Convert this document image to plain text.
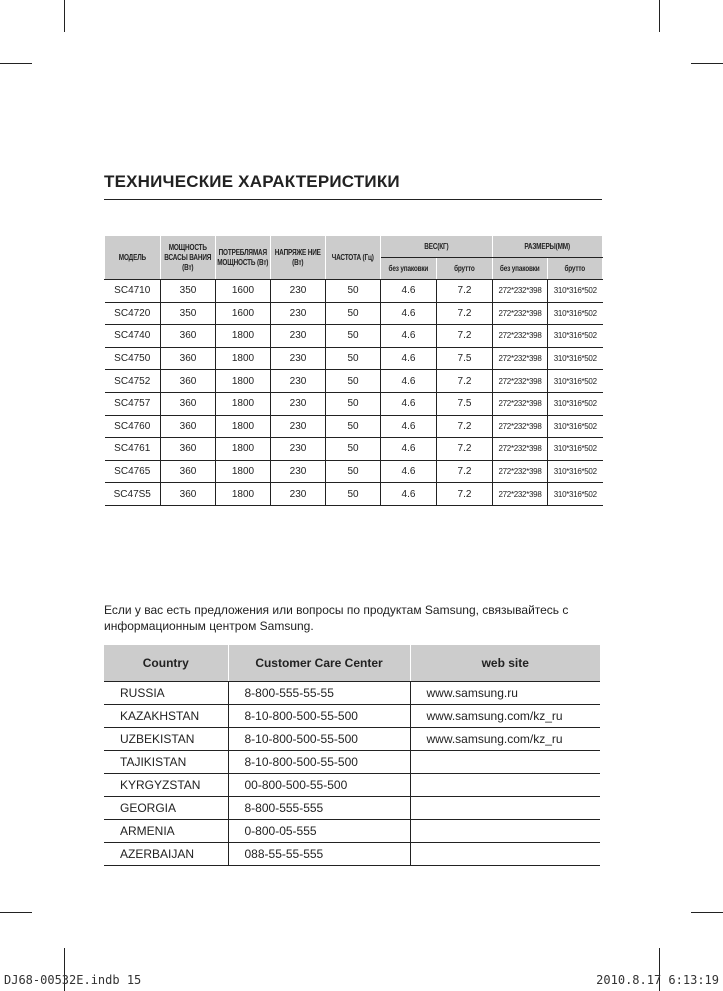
ТЕХНИЧЕСКИЕ ХАРАКТЕРИСТИКИ
МОДЕЛЬ	МОЩНОСТЬ ВСАСЫ ВАНИЯ (Вт)	ПОТРЕБЛЯМАЯ МОЩНОСТЬ (Вт)	НАПРЯЖЕ НИЕ (Вт)	ЧАСТОТА (Гц)	ВЕС(КГ)		РАЗМЕРЫ(ММ)	

					без упаковки	брутто	без упаковки	брутто

SC4710	350	1600	230	50	4.6	7.2	272*232*398	310*316*502
SC4720	350	1600	230	50	4.6	7.2	272*232*398	310*316*502
SC4740	360	1800	230	50	4.6	7.2	272*232*398	310*316*502
SC4750	360	1800	230	50	4.6	7.5	272*232*398	310*316*502
SC4752	360	1800	230	50	4.6	7.2	272*232*398	310*316*502
SC4757	360	1800	230	50	4.6	7.5	272*232*398	310*316*502
SC4760	360	1800	230	50	4.6	7.2	272*232*398	310*316*502
SC4761	360	1800	230	50	4.6	7.2	272*232*398	310*316*502
SC4765	360	1800	230	50	4.6	7.2	272*232*398	310*316*502
SC47S5	360	1800	230	50	4.6	7.2	272*232*398	310*316*502
Если у вас есть предложения или вопросы по продуктам Samsung, связывайтесь с информационным центром Samsung.
Country	Customer Care Center	web site
RUSSIA	8-800-555-55-55	www.samsung.ru
KAZAKHSTAN	8-10-800-500-55-500	www.samsung.com/kz_ru
UZBEKISTAN	8-10-800-500-55-500	www.samsung.com/kz_ru
TAJIKISTAN	8-10-800-500-55-500	
KYRGYZSTAN	00-800-500-55-500	
GEORGIA	8-800-555-555	
ARMENIA	0-800-05-555	
AZERBAIJAN	088-55-55-555	
DJ68-00532E.indb 15	2010.8.17 6:13:19
